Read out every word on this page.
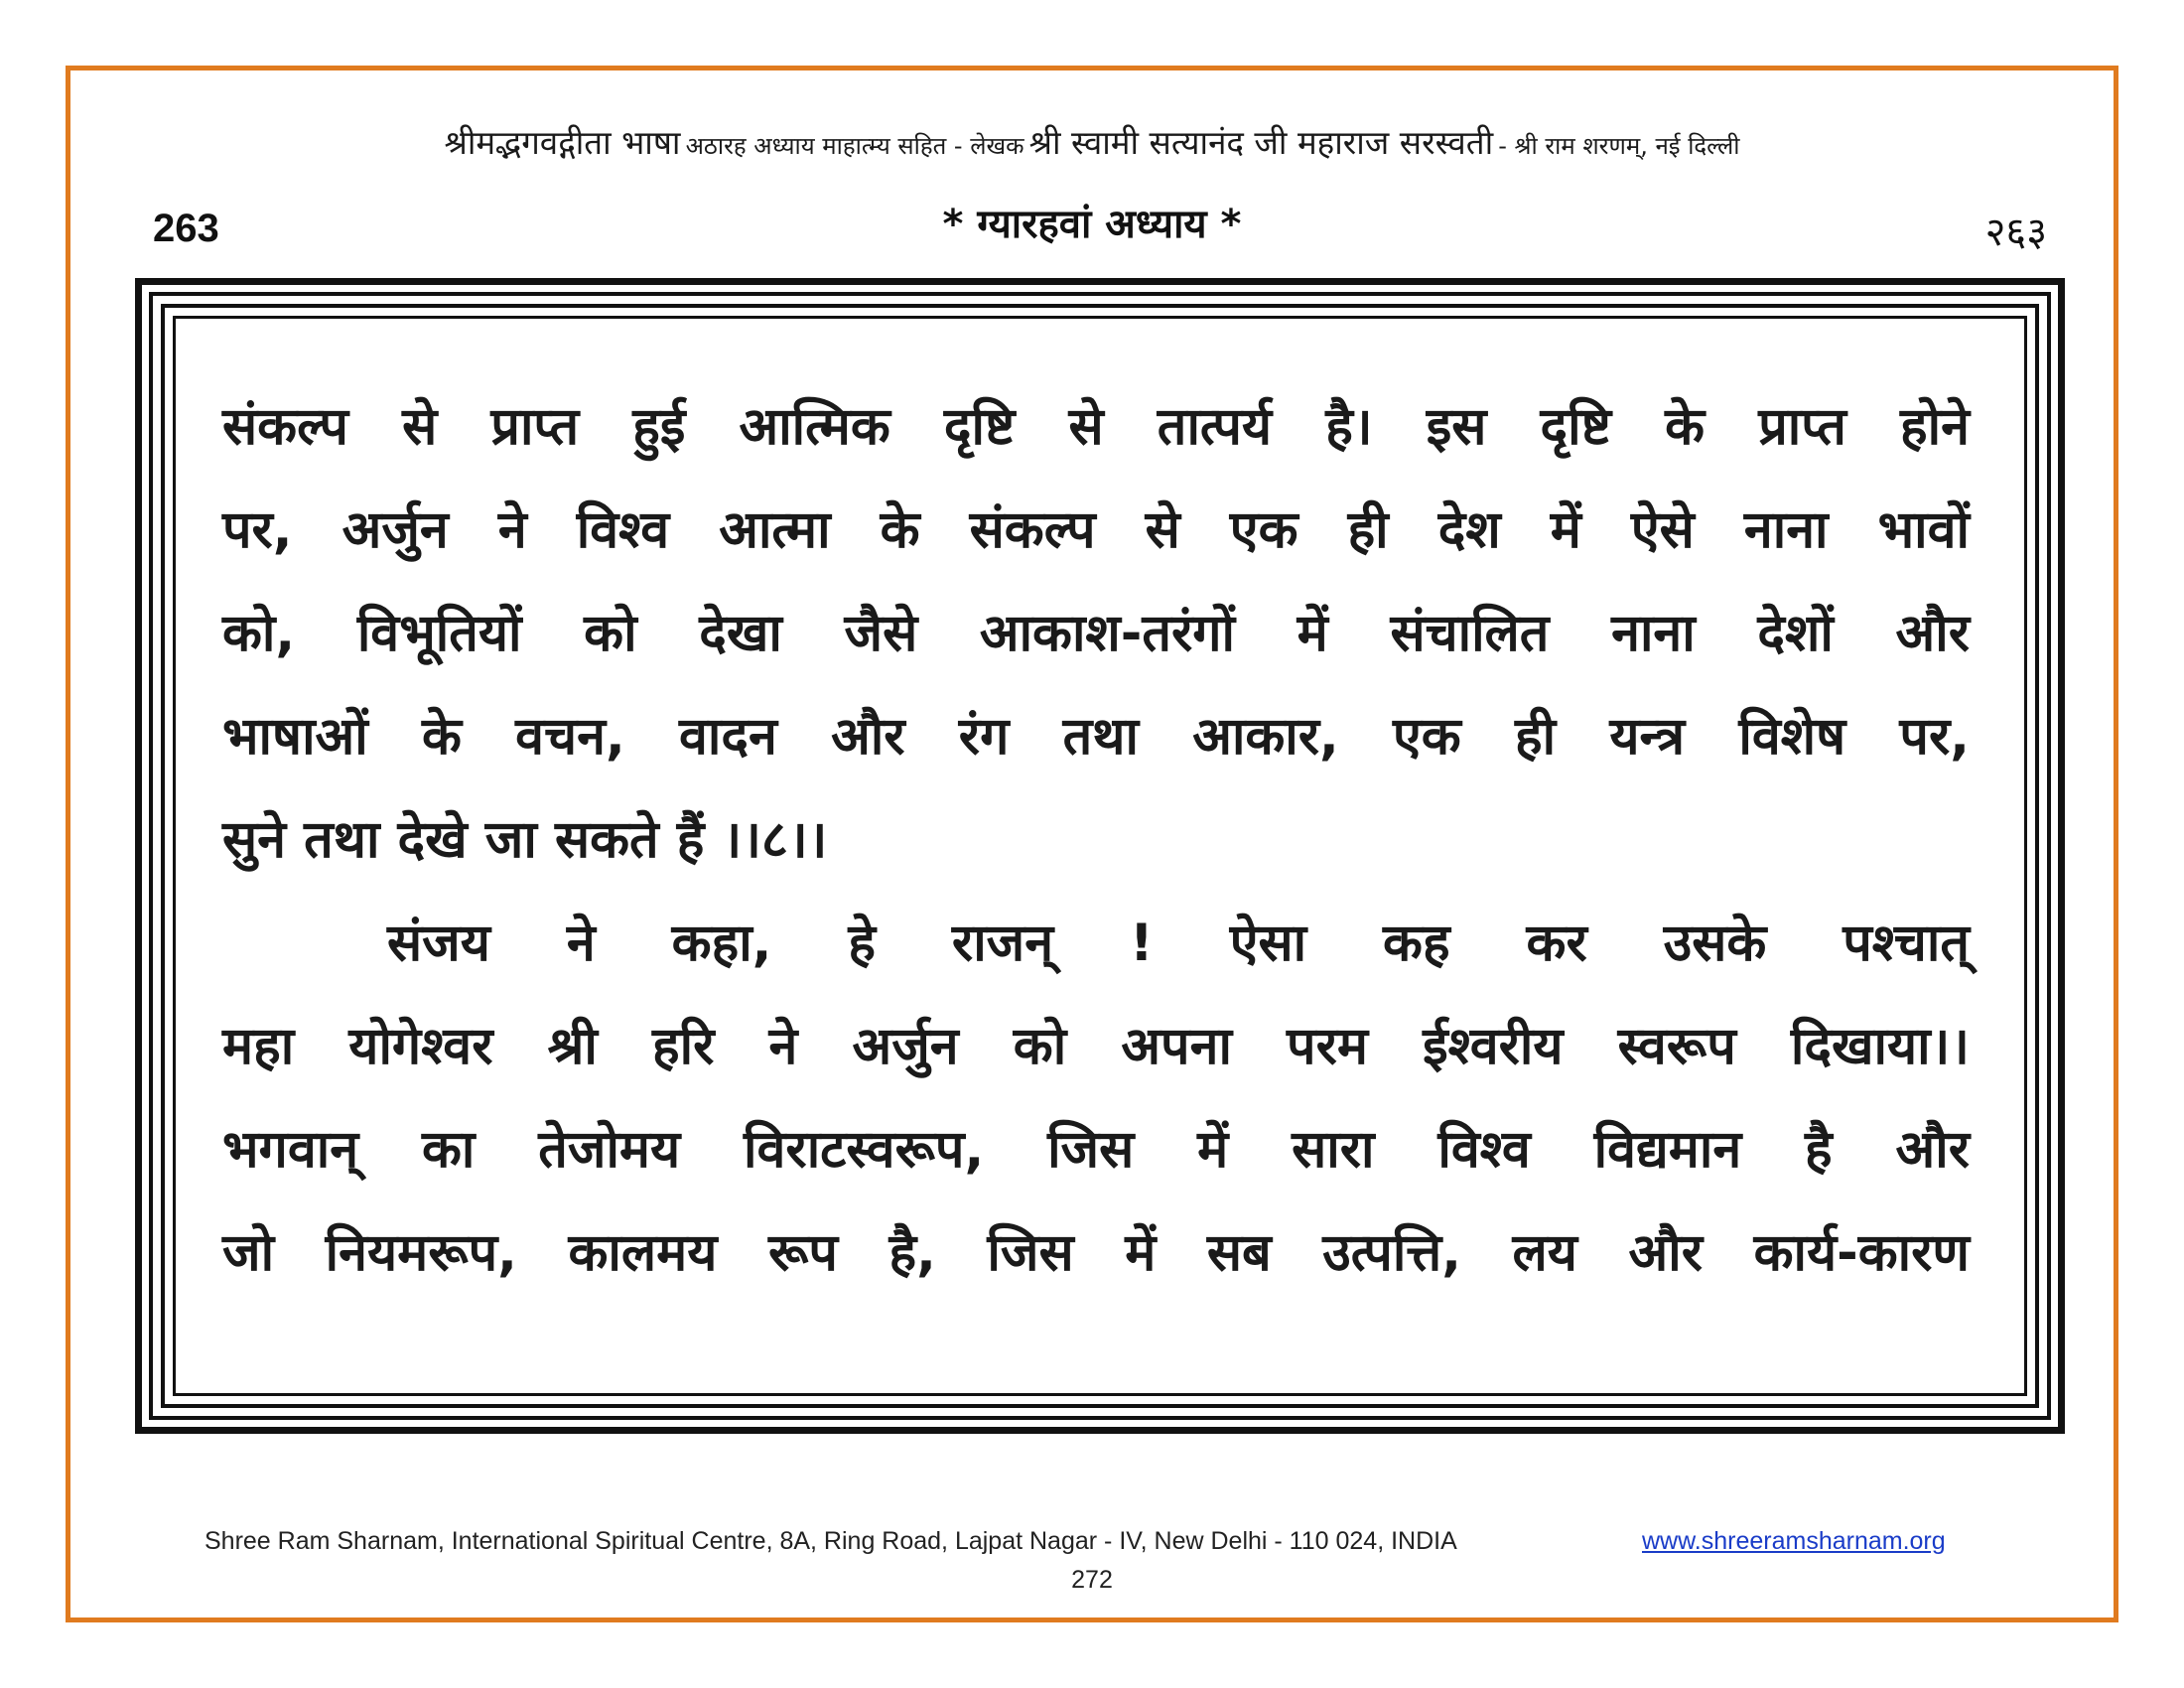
श्रीमद्भगवद्गीता भाषा अठारह अध्याय माहात्म्य सहित - लेखक श्री स्वामी सत्यानंद जी महाराज सरस्वती - श्री राम शरणम्, नई दिल्ली
263	* ग्यारहवां अध्याय *	२६३
संकल्प से प्राप्त हुई आत्मिक दृष्टि से तात्पर्य है। इस दृष्टि के प्राप्त होने
पर, अर्जुन ने विश्व आत्मा के संकल्प से एक ही देश में ऐसे नाना भावों
को, विभूतियों को देखा जैसे आकाश-तरंगों में संचालित नाना देशों और
भाषाओं के वचन, वादन और रंग तथा आकार, एक ही यन्त्र विशेष पर,
सुने तथा देखे जा सकते हैं ।।८।।
संजय ने कहा, हे राजन् ! ऐसा कह कर उसके पश्चात्
महा योगेश्वर श्री हरि ने अर्जुन को अपना परम ईश्वरीय स्वरूप दिखाया।।
भगवान् का तेजोमय विराटस्वरूप, जिस में सारा विश्व विद्यमान है और
जो नियमरूप, कालमय रूप है, जिस में सब उत्पत्ति, लय और कार्य-कारण
Shree Ram Sharnam, International Spiritual Centre, 8A, Ring Road, Lajpat Nagar - IV, New Delhi - 110 024, INDIA	www.shreeramsharnam.org
272
